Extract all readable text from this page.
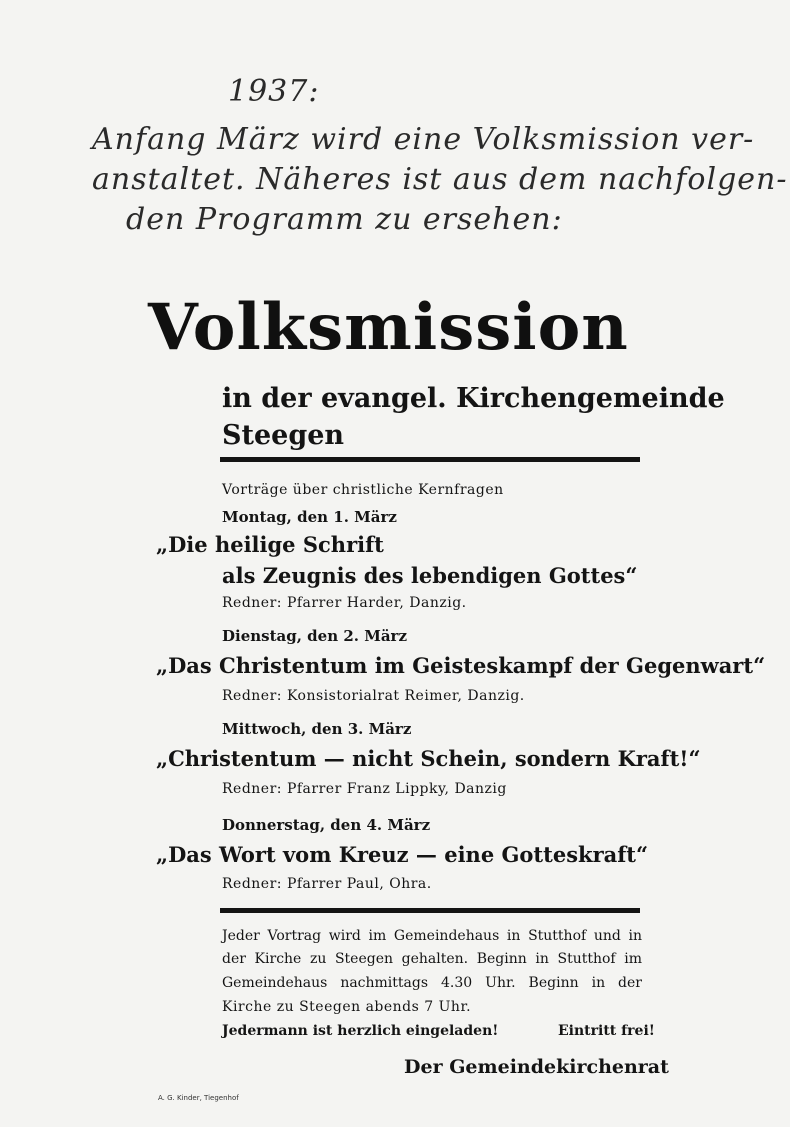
1937:
Anfang März wird eine Volksmission ver-
anstaltet. Näheres ist aus dem nachfolgen-
den Programm zu ersehen:
Volksmission
in der evangel. Kirchengemeinde
Steegen
Vorträge über christliche Kernfragen
Montag, den 1. März
„Die heilige Schrift
als Zeugnis des lebendigen Gottes“
Redner: Pfarrer Harder, Danzig.
Dienstag, den 2. März
„Das Christentum im Geisteskampf der Gegenwart“
Redner: Konsistorialrat Reimer, Danzig.
Mittwoch, den 3. März
„Christentum — nicht Schein, sondern Kraft!“
Redner: Pfarrer Franz Lippky, Danzig
Donnerstag, den 4. März
„Das Wort vom Kreuz — eine Gotteskraft“
Redner: Pfarrer Paul, Ohra.
Jeder Vortrag wird im Gemeindehaus in Stutthof und in
der Kirche zu Steegen gehalten. Beginn in Stutthof im
Gemeindehaus nachmittags 4.30 Uhr. Beginn in der
Kirche zu Steegen abends 7 Uhr.
Jedermann ist herzlich eingeladen!	Eintritt frei!
Der Gemeindekirchenrat
A. G. Kinder, Tiegenhof
